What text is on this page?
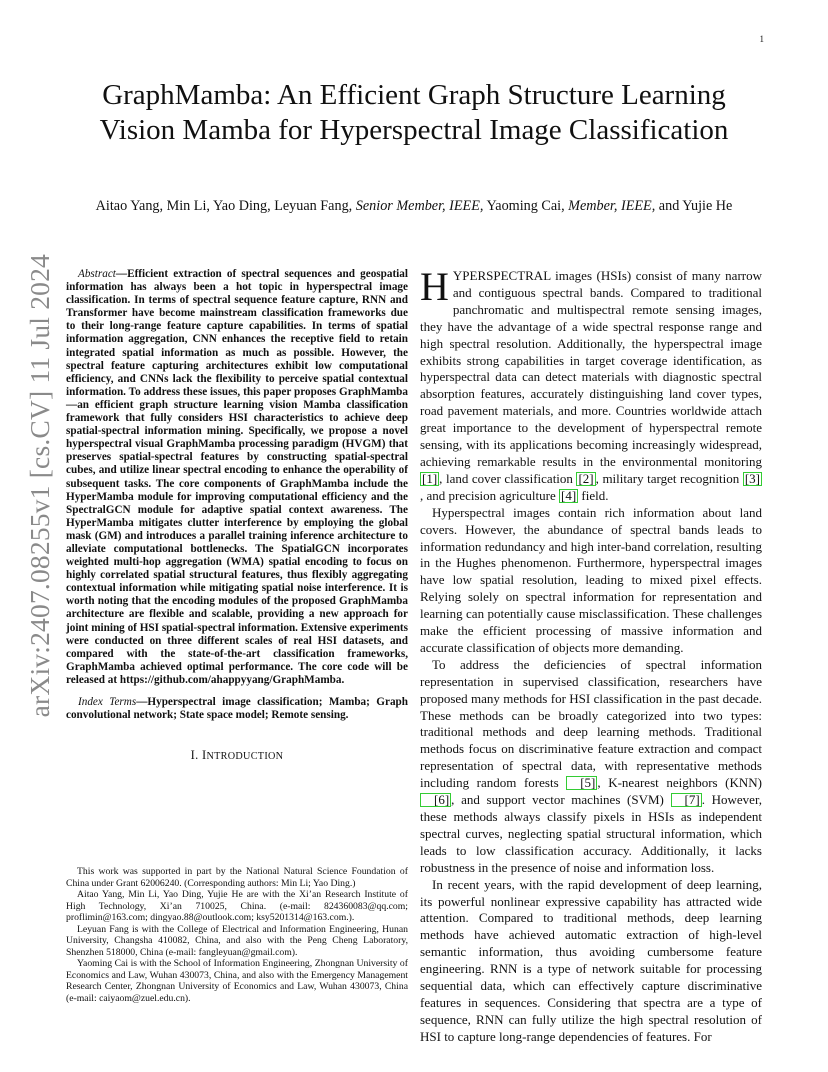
1
arXiv:2407.08255v1 [cs.CV] 11 Jul 2024
GraphMamba: An Efficient Graph Structure Learning Vision Mamba for Hyperspectral Image Classification
Aitao Yang, Min Li, Yao Ding, Leyuan Fang, Senior Member, IEEE, Yaoming Cai, Member, IEEE, and Yujie He

Abstract—Efficient extraction of spectral sequences and geospatial information has always been a hot topic in hyperspectral image classification. In terms of spectral sequence feature capture, RNN and Transformer have become mainstream classification frameworks due to their long-range feature capture capabilities. In terms of spatial information aggregation, CNN enhances the receptive field to retain integrated spatial information as much as possible. However, the spectral feature capturing architectures exhibit low computational efficiency, and CNNs lack the flexibility to perceive spatial contextual information. To address these issues, this paper proposes GraphMamba—an efficient graph structure learning vision Mamba classification framework that fully considers HSI characteristics to achieve deep spatial-spectral information mining. Specifically, we propose a novel hyperspectral visual GraphMamba processing paradigm (HVGM) that preserves spatial-spectral features by constructing spatial-spectral cubes, and utilize linear spectral encoding to enhance the operability of subsequent tasks. The core components of GraphMamba include the HyperMamba module for improving computational efficiency and the SpectralGCN module for adaptive spatial context awareness. The HyperMamba mitigates clutter interference by employing the global mask (GM) and introduces a parallel training inference architecture to alleviate computational bottlenecks. The SpatialGCN incorporates weighted multi-hop aggregation (WMA) spatial encoding to focus on highly correlated spatial structural features, thus flexibly aggregating contextual information while mitigating spatial noise interference. It is worth noting that the encoding modules of the proposed GraphMamba architecture are flexible and scalable, providing a new approach for joint mining of HSI spatial-spectral information. Extensive experiments were conducted on three different scales of real HSI datasets, and compared with the state-of-the-art classification frameworks, GraphMamba achieved optimal performance. The core code will be released at https://github.com/ahappyyang/GraphMamba.

Index Terms—Hyperspectral image classification; Mamba; Graph convolutional network; State space model; Remote sensing.

I. INTRODUCTION

This work was supported in part by the National Natural Science Foundation of China under Grant 62006240. (Corresponding authors: Min Li; Yao Ding.)

Aitao Yang, Min Li, Yao Ding, Yujie He are with the Xi’an Research Institute of High Technology, Xi’an 710025, China. (e-mail: 824360083@qq.com; proflimin@163.com; dingyao.88@outlook.com; ksy5201314@163.com.).

Leyuan Fang is with the College of Electrical and Information Engineering, Hunan University, Changsha 410082, China, and also with the Peng Cheng Laboratory, Shenzhen 518000, China (e-mail: fangleyuan@gmail.com).

Yaoming Cai is with the School of Information Engineering, Zhongnan University of Economics and Law, Wuhan 430073, China, and also with the Emergency Management Research Center, Zhongnan University of Economics and Law, Wuhan 430073, China (e-mail: caiyaom@zuel.edu.cn).

HYPERSPECTRAL images (HSIs) consist of many narrow and contiguous spectral bands. Compared to traditional panchromatic and multispectral remote sensing images, they have the advantage of a wide spectral response range and high spectral resolution. Additionally, the hyperspectral image exhibits strong capabilities in target coverage identification, as hyperspectral data can detect materials with diagnostic spectral absorption features, accurately distinguishing land cover types, road pavement materials, and more. Countries worldwide attach great importance to the development of hyperspectral remote sensing, with its applications becoming increasingly widespread, achieving remarkable results in the environmental monitoring [1] , land cover classification [2] , military target recognition [3], and precision agriculture [4] field.

Hyperspectral images contain rich information about land covers. However, the abundance of spectral bands leads to information redundancy and high inter-band correlation, resulting in the Hughes phenomenon. Furthermore, hyperspectral images have low spatial resolution, leading to mixed pixel effects. Relying solely on spectral information for representation and learning can potentially cause misclassification. These challenges make the efficient processing of massive information and accurate classification of objects more demanding.

To address the deficiencies of spectral information representation in supervised classification, researchers have proposed many methods for HSI classification in the past decade. These methods can be broadly categorized into two types: traditional methods and deep learning methods. Traditional methods focus on discriminative feature extraction and compact representation of spectral data, with representative methods including random forests [5] , K-nearest neighbors (KNN) [6] , and support vector machines (SVM) [7] . However, these methods always classify pixels in HSIs as independent spectral curves, neglecting spatial structural information, which leads to low classification accuracy. Additionally, it lacks robustness in the presence of noise and information loss.

In recent years, with the rapid development of deep learning, its powerful nonlinear expressive capability has attracted wide attention. Compared to traditional methods, deep learning methods have achieved automatic extraction of high-level semantic information, thus avoiding cumbersome feature engineering. RNN is a type of network suitable for processing sequential data, which can effectively capture discriminative features in sequences. Considering that spectra are a type of sequence, RNN can fully utilize the high spectral resolution of HSI to capture long-range dependencies of features. For
